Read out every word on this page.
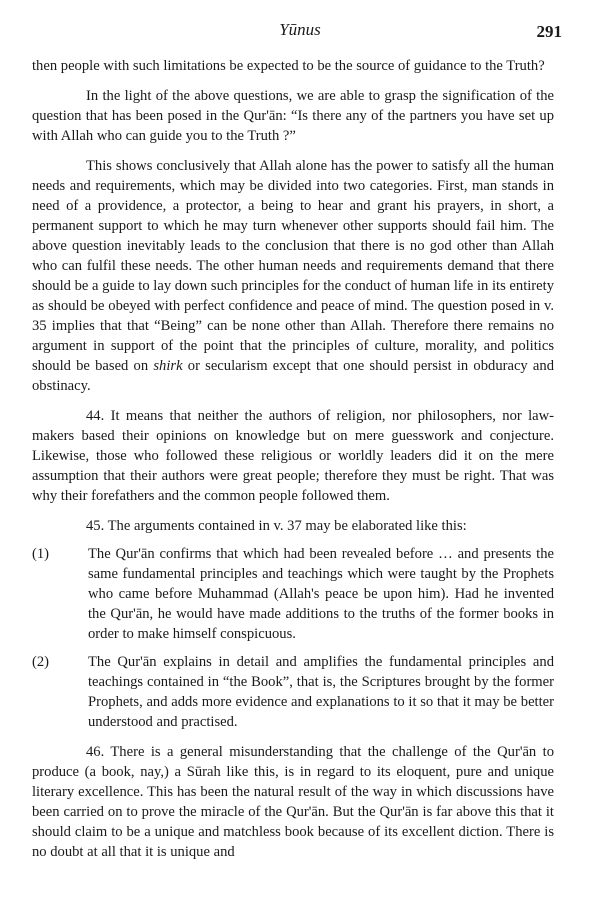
Yūnus	291

then people with such limitations be expected to be the source of guidance to the Truth?

In the light of the above questions, we are able to grasp the signification of the question that has been posed in the Qur'ān: “Is there any of the partners you have set up with Allah who can guide you to the Truth ?”

This shows conclusively that Allah alone has the power to satisfy all the human needs and requirements, which may be divided into two categories. First, man stands in need of a providence, a protector, a being to hear and grant his prayers, in short, a permanent support to which he may turn whenever other supports should fail him. The above question inevitably leads to the conclusion that there is no god other than Allah who can fulfil these needs. The other human needs and requirements demand that there should be a guide to lay down such principles for the conduct of human life in its entirety as should be obeyed with perfect confidence and peace of mind. The question posed in v. 35 implies that that “Being” can be none other than Allah. Therefore there remains no argument in support of the point that the principles of culture, morality, and politics should be based on shirk or secularism except that one should persist in obduracy and obstinacy.

44. It means that neither the authors of religion, nor philosophers, nor law-makers based their opinions on knowledge but on mere guesswork and conjecture. Likewise, those who followed these religious or worldly leaders did it on the mere assumption that their authors were great people; therefore they must be right. That was why their forefathers and the common people followed them.

45. The arguments contained in v. 37 may be elaborated like this:

(1)	The Qur'ān confirms that which had been revealed before … and presents the same fundamental principles and teachings which were taught by the Prophets who came before Muhammad (Allah's peace be upon him). Had he invented the Qur'ān, he would have made additions to the truths of the former books in order to make himself conspicuous.
(2)	The Qur'ān explains in detail and amplifies the fundamental principles and teachings contained in “the Book”, that is, the Scriptures brought by the former Prophets, and adds more evidence and explanations to it so that it may be better understood and practised.

46. There is a general misunderstanding that the challenge of the Qur'ān to produce (a book, nay,) a Sūrah like this, is in regard to its eloquent, pure and unique literary excellence. This has been the natural result of the way in which discussions have been carried on to prove the miracle of the Qur'ān. But the Qur'ān is far above this that it should claim to be a unique and matchless book because of its excellent diction. There is no doubt at all that it is unique and
